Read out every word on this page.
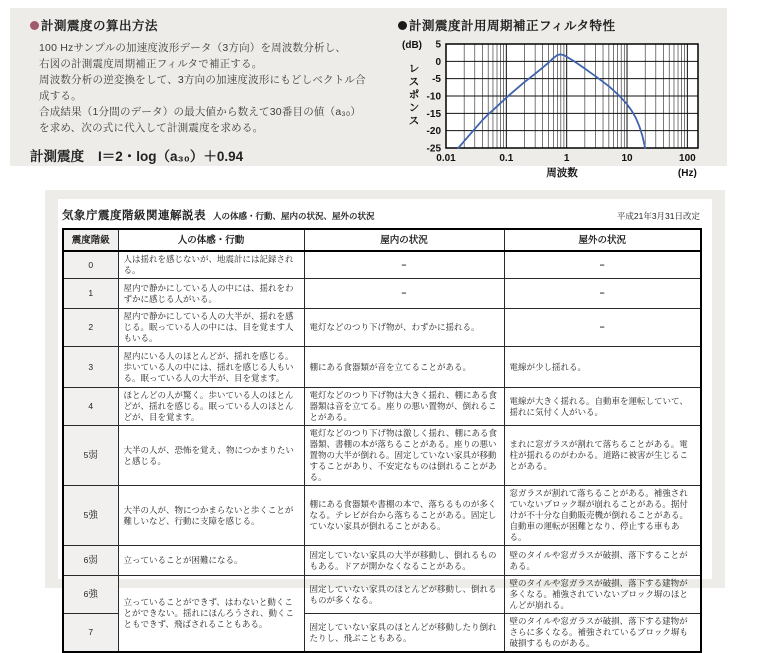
計測震度の算出方法
100 Hzサンプルの加速度波形データ（3方向）を周波数分析し、
右図の計測震度周期補正フィルタで補正する。
周波数分析の逆変換をして、3方向の加速度波形にもどしベクトル合
成する。
合成結果（1分間のデータ）の最大値から数えて30番目の値（a₃₀）
を求め、次の式に代入して計測震度を求める。
計測震度 I＝2・log（a₃₀）＋0.94
計測震度計用周期補正フィルタ特性
0.01	0.1	1	10	100
5
0
-5
-10
-15
-20
-25
(dB)
レ
ス
ポ
ン
ス
周波数	(Hz)
気象庁震度階級関連解説表 人の体感・行動、屋内の状況、屋外の状況	平成21年3月31日改定
震度階級	人の体感・行動	屋内の状況	屋外の状況
0	人は揺れを感じないが、地震計には記録される。	−	−
1	屋内で静かにしている人の中には、揺れをわずかに感じる人がいる。	−	−
2	屋内で静かにしている人の大半が、揺れを感じる。眠っている人の中には、目を覚ます人もいる。	電灯などのつり下げ物が、わずかに揺れる。	−
3	屋内にいる人のほとんどが、揺れを感じる。歩いている人の中には、揺れを感じる人もいる。眠っている人の大半が、目を覚ます。	棚にある食器類が音を立てることがある。	電線が少し揺れる。
4	ほとんどの人が驚く。歩いている人のほとんどが、揺れを感じる。眠っている人のほとんどが、目を覚ます。	電灯などのつり下げ物は大きく揺れ、棚にある食器類は音を立てる。座りの悪い置物が、倒れることがある。	電線が大きく揺れる。自動車を運転していて、揺れに気付く人がいる。
5弱	大半の人が、恐怖を覚え、物につかまりたいと感じる。	電灯などのつり下げ物は激しく揺れ、棚にある食器類、書棚の本が落ちることがある。座りの悪い置物の大半が倒れる。固定していない家具が移動することがあり、不安定なものは倒れることがある。	まれに窓ガラスが割れて落ちることがある。電柱が揺れるのがわかる。道路に被害が生じることがある。
5強	大半の人が、物につかまらないと歩くことが難しいなど、行動に支障を感じる。	棚にある食器類や書棚の本で、落ちるものが多くなる。テレビが台から落ちることがある。固定していない家具が倒れることがある。	窓ガラスが割れて落ちることがある。補強されていないブロック塀が崩れることがある。据付けが不十分な自動販売機が倒れることがある。自動車の運転が困難となり、停止する車もある。
6弱	立っていることが困難になる。	固定していない家具の大半が移動し、倒れるものもある。ドアが開かなくなることがある。	壁のタイルや窓ガラスが破損、落下することがある。
6強	立っていることができず、はわないと動くことができない。揺れにほんろうされ、動くこともできず、飛ばされることもある。	固定していない家具のほとんどが移動し、倒れるものが多くなる。	壁のタイルや窓ガラスが破損、落下する建物が多くなる。補強されていないブロック塀のほとんどが崩れる。
7		固定していない家具のほとんどが移動したり倒れたりし、飛ぶこともある。	壁のタイルや窓ガラスが破損、落下する建物がさらに多くなる。補強されているブロック塀も破損するものがある。
